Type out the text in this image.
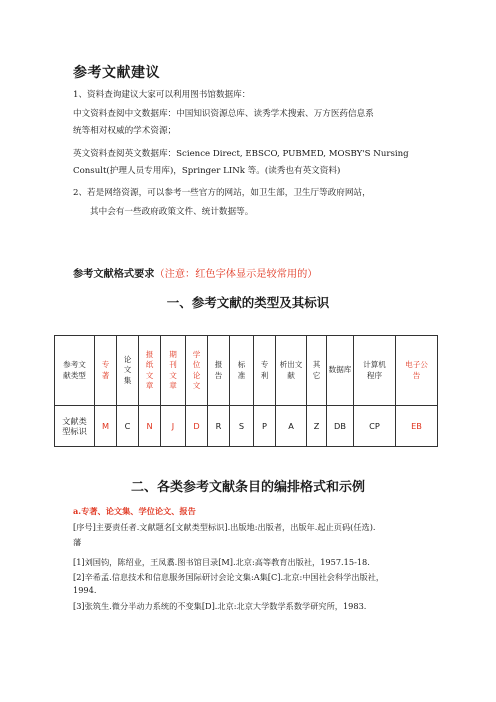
参考文献建议
1、资料查询建议大家可以利用图书馆数据库：
中文资料查阅中文数据库：中国知识资源总库、读秀学术搜索、万方医药信息系
统等相对权威的学术资源；
英文资料查阅英文数据库：Science Direct, EBSCO, PUBMED, MOSBY'S Nursing
Consult(护理人员专用库)，Springer LINk 等。(读秀也有英文资料)
2、若是网络资源，可以参考一些官方的网站，如卫生部，卫生厅等政府网站，
其中会有一些政府政策文件、统计数据等。
参考文献格式要求（注意：红色字体显示是较常用的）
一、参考文献的类型及其标识
参考文献类型	专著	论文集	报纸文章	期刊文章	学位论文	报告	标准	专利	析出文献	其它	数据库	计算机程序	电子公告
文献类型标识	M	C	N	J	D	R	S	P	A	Z	DB	CP	EB
二、各类参考文献条目的编排格式和示例
a.专著、论文集、学位论文、报告
[序号]主要责任者.文献题名[文献类型标识].出版地:出版者，出版年.起止页码(任选).
藩
[1]刘国钧，陈绍业，王凤翥.图书馆目录[M].北京:高等教育出版社，1957.15-18.
[2]辛希孟.信息技术和信息服务国际研讨会论文集:A集[C].北京:中国社会科学出版社，
1994.
[3]张筑生.微分半动力系统的不变集[D].北京:北京大学数学系数学研究所，1983.
